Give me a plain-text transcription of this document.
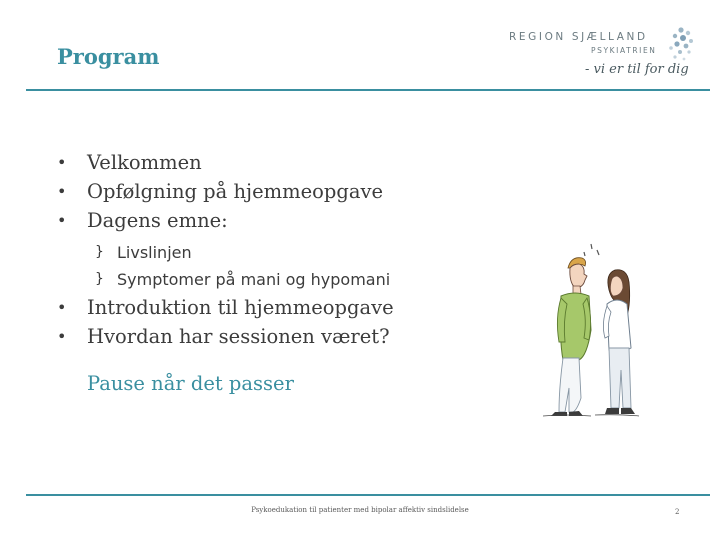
Program
REGION SJÆLLAND
PSYKIATRIEN
- vi er til for dig
• Velkommen
• Opfølgning på hjemmeopgave
• Dagens emne:
} Livslinjen
} Symptomer på mani og hypomani
• Introduktion til hjemmeopgave
• Hvordan har sessionen været?
Pause når det passer
Psykoedukation til patienter med bipolar affektiv sindslidelse	2
